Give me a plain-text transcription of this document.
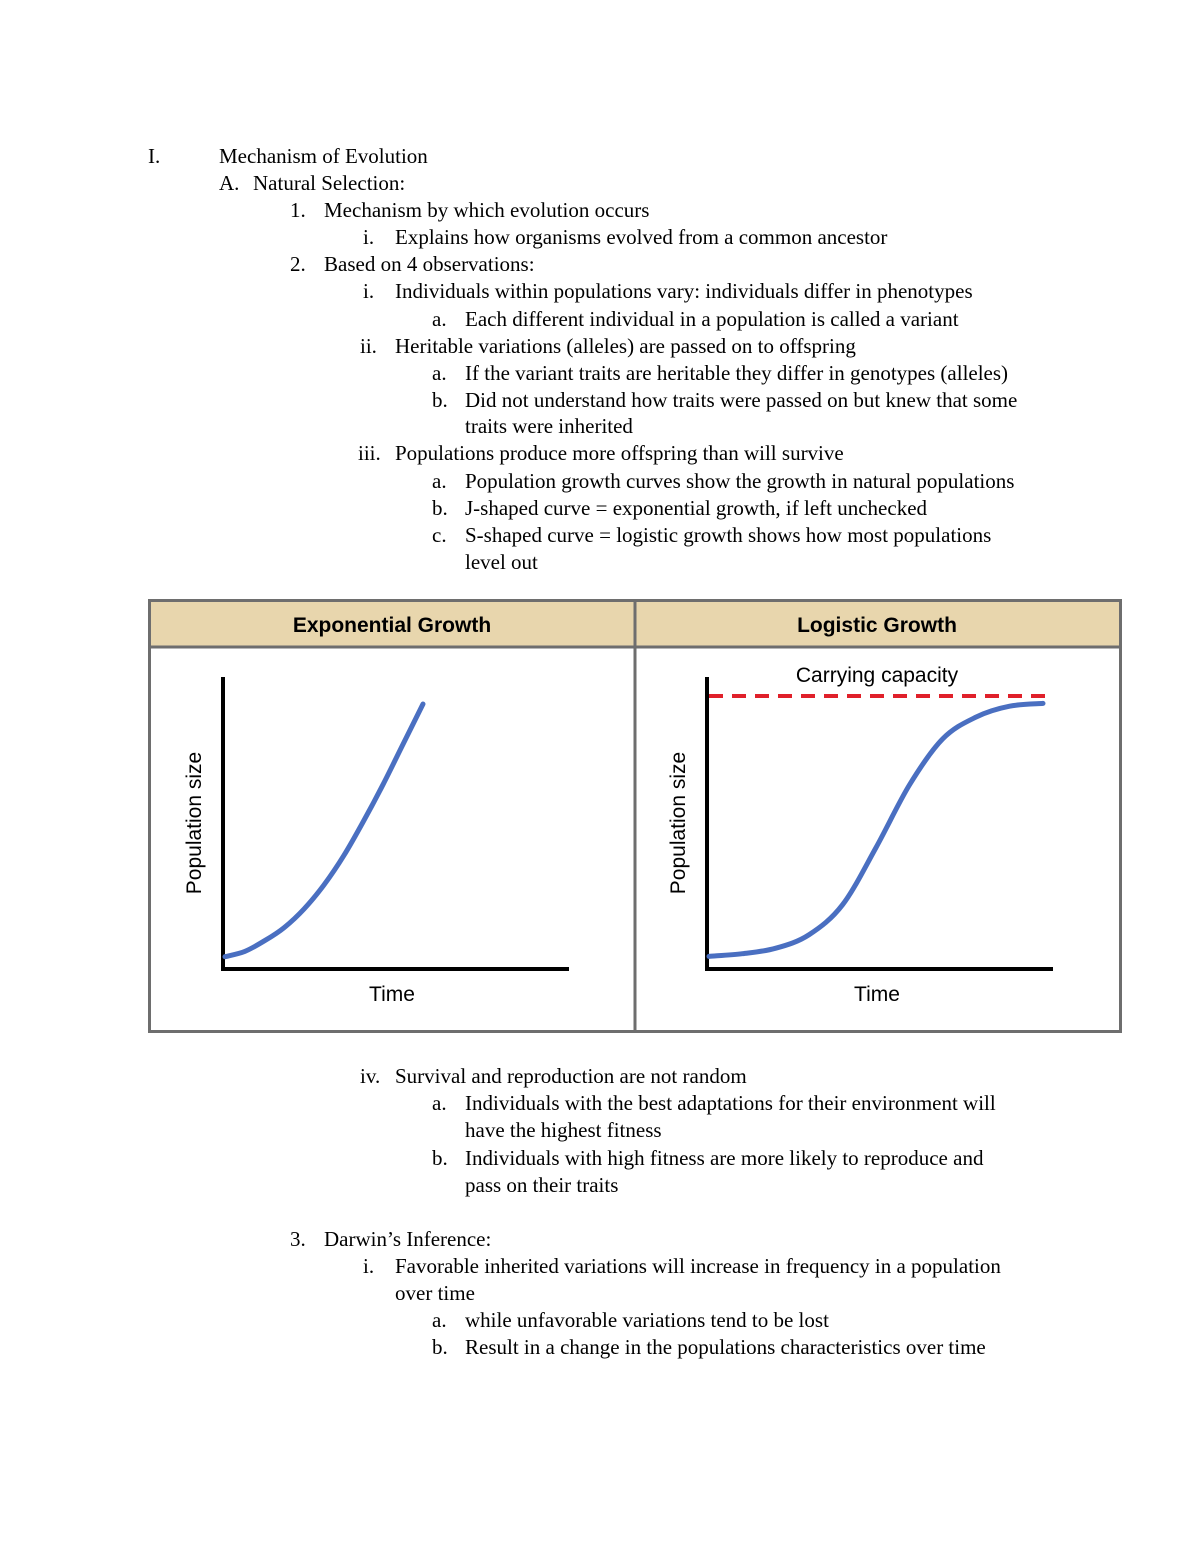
I.	Mechanism of Evolution
A. Natural Selection:
1. Mechanism by which evolution occurs
i. Explains how organisms evolved from a common ancestor
2. Based on 4 observations:
i. Individuals within populations vary: individuals differ in phenotypes
a. Each different individual in a population is called a variant
ii. Heritable variations (alleles) are passed on to offspring
a. If the variant traits are heritable they differ in genotypes (alleles)
b. Did not understand how traits were passed on but knew that some
traits were inherited
iii. Populations produce more offspring than will survive
a. Population growth curves show the growth in natural populations
b. J-shaped curve = exponential growth, if left unchecked
c. S-shaped curve = logistic growth shows how most populations
level out
Exponential Growth	Logistic Growth
Time
Population size
Time
Population size
Carrying capacity
iv. Survival and reproduction are not random
a. Individuals with the best adaptations for their environment will
have the highest fitness
b. Individuals with high fitness are more likely to reproduce and
pass on their traits
3. Darwin’s Inference:
i. Favorable inherited variations will increase in frequency in a population
over time
a. while unfavorable variations tend to be lost
b. Result in a change in the populations characteristics over time
